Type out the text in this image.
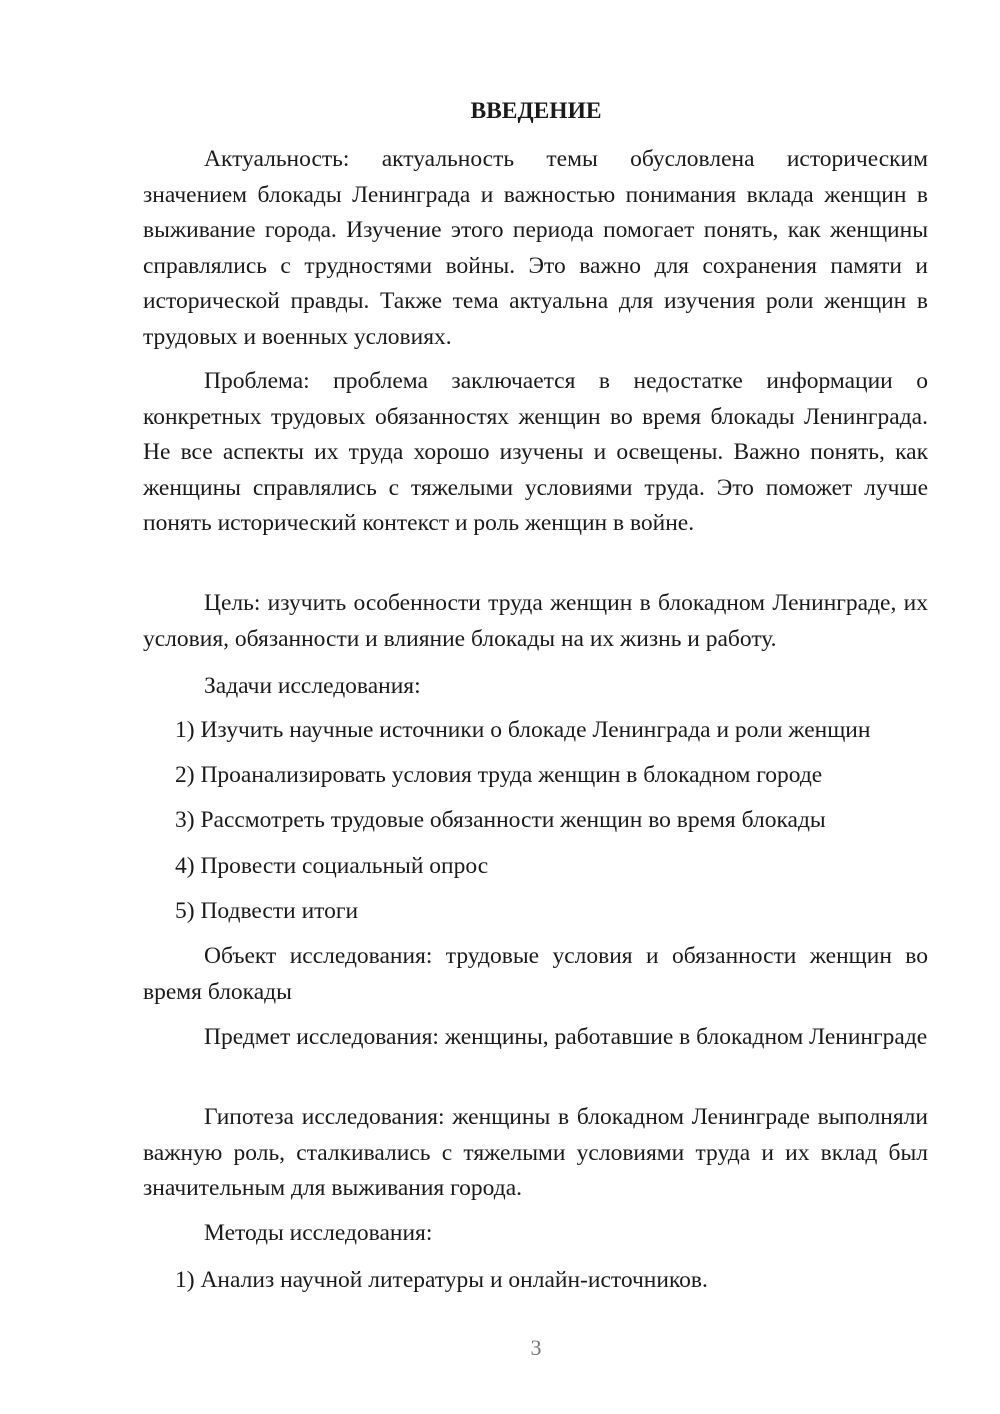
ВВЕДЕНИЕ

Актуальность: актуальность темы обусловлена историческим значением блокады Ленинграда и важностью понимания вклада женщин в выживание города. Изучение этого периода помогает понять, как женщины справлялись с трудностями войны. Это важно для сохранения памяти и исторической правды. Также тема актуальна для изучения роли женщин в трудовых и военных условиях.

Проблема: проблема заключается в недостатке информации о конкретных трудовых обязанностях женщин во время блокады Ленинграда. Не все аспекты их труда хорошо изучены и освещены. Важно понять, как женщины справлялись с тяжелыми условиями труда. Это поможет лучше понять исторический контекст и роль женщин в войне.

Цель: изучить особенности труда женщин в блокадном Ленинграде, их условия, обязанности и влияние блокады на их жизнь и работу.

Задачи исследования:

1) Изучить научные источники о блокаде Ленинграда и роли женщин

2) Проанализировать условия труда женщин в блокадном городе

3) Рассмотреть трудовые обязанности женщин во время блокады

4) Провести социальный опрос

5) Подвести итоги

Объект исследования: трудовые условия и обязанности женщин во время блокады

Предмет исследования: женщины, работавшие в блокадном Ленинграде

Гипотеза исследования: женщины в блокадном Ленинграде выполняли важную роль, сталкивались с тяжелыми условиями труда и их вклад был значительным для выживания города.

Методы исследования:

1) Анализ научной литературы и онлайн-источников.

3
